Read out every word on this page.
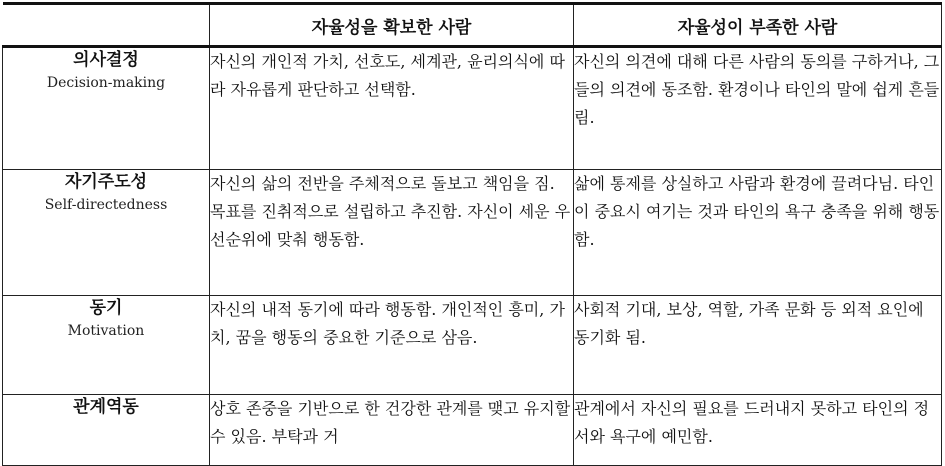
	자율성을 확보한 사람	자율성이 부족한 사람

의사결정
Decision-making	자신의 개인적 가치, 선호도, 세계관, 윤리의식에 따라 자유롭게 판단하고 선택함.	자신의 의견에 대해 다른 사람의 동의를 구하거나, 그들의 의견에 동조함. 환경이나 타인의 말에 쉽게 흔들림.

자기주도성
Self-directedness	자신의 삶의 전반을 주체적으로 돌보고 책임을 짐. 목표를 진취적으로 설립하고 추진함. 자신이 세운 우선순위에 맞춰 행동함.	삶에 통제를 상실하고 사람과 환경에 끌려다님. 타인이 중요시 여기는 것과 타인의 욕구 충족을 위해 행동함.

동기
Motivation	자신의 내적 동기에 따라 행동함. 개인적인 흥미, 가치, 꿈을 행동의 중요한 기준으로 삼음.	사회적 기대, 보상, 역할, 가족 문화 등 외적 요인에 동기화 됨.

관계역동	상호 존중을 기반으로 한 건강한 관계를 맺고 유지할 수 있음. 부탁과 거	관계에서 자신의 필요를 드러내지 못하고 타인의 정서와 욕구에 예민함.
